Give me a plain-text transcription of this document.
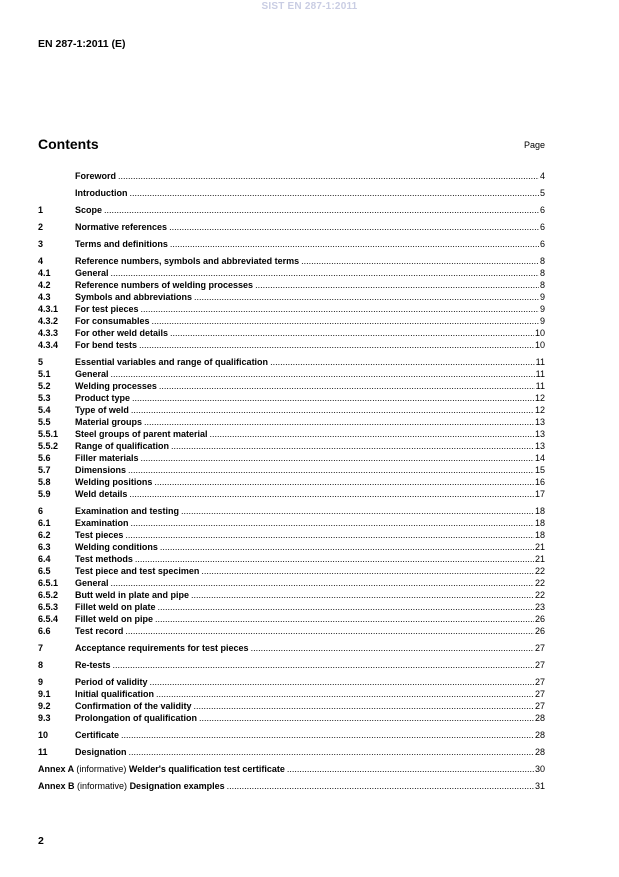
SIST EN 287-1:2011
EN 287-1:2011 (E)
Contents	Page
Foreword .....	4
Introduction .....	5
1	Scope .....	6
2	Normative references .....	6
3	Terms and definitions .....	6
4	Reference numbers, symbols and abbreviated terms .....	8
4.1	General .....	8
4.2	Reference numbers of welding processes .....	8
4.3	Symbols and abbreviations .....	9
4.3.1	For test pieces .....	9
4.3.2	For consumables .....	9
4.3.3	For other weld details .....	10
4.3.4	For bend tests .....	10
5	Essential variables and range of qualification .....	11
5.1	General .....	11
5.2	Welding processes .....	11
5.3	Product type .....	12
5.4	Type of weld .....	12
5.5	Material groups .....	13
5.5.1	Steel groups of parent material .....	13
5.5.2	Range of qualification .....	13
5.6	Filler materials .....	14
5.7	Dimensions .....	15
5.8	Welding positions .....	16
5.9	Weld details .....	17
6	Examination and testing .....	18
6.1	Examination .....	18
6.2	Test pieces .....	18
6.3	Welding conditions .....	21
6.4	Test methods .....	21
6.5	Test piece and test specimen .....	22
6.5.1	General .....	22
6.5.2	Butt weld in plate and pipe .....	22
6.5.3	Fillet weld on plate .....	23
6.5.4	Fillet weld on pipe .....	26
6.6	Test record .....	26
7	Acceptance requirements for test pieces .....	27
8	Re-tests .....	27
9	Period of validity .....	27
9.1	Initial qualification .....	27
9.2	Confirmation of the validity .....	27
9.3	Prolongation of qualification .....	28
10	Certificate .....	28
11	Designation .....	28
Annex A (informative) Welder's qualification test certificate .....	30
Annex B (informative) Designation examples .....	31
2
